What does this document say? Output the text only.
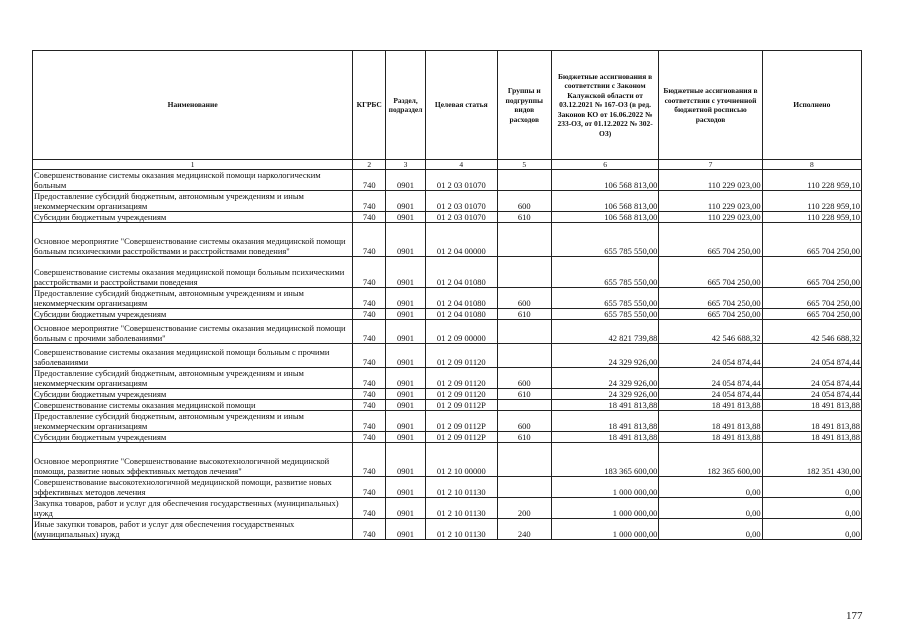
Наименование	КГРБС	Раздел, подраздел	Целевая статья	Группы и подгруппы видов расходов	Бюджетные ассигнования в соответствии с Законом Калужской области от 03.12.2021 № 167-ОЗ (в ред. Законов КО от 16.06.2022 № 233-ОЗ, от 01.12.2022 № 302-ОЗ)	Бюджетные ассигнования в соответствии с уточненной бюджетной росписью расходов	Исполнено
1	2	3	4	5	6	7	8
Совершенствование системы оказания медицинской помощи наркологическим больным	740	0901	01 2 03 01070		106 568 813,00	110 229 023,00	110 228 959,10
Предоставление субсидий бюджетным, автономным учреждениям и иным некоммерческим организациям	740	0901	01 2 03 01070	600	106 568 813,00	110 229 023,00	110 228 959,10
Субсидии бюджетным учреждениям	740	0901	01 2 03 01070	610	106 568 813,00	110 229 023,00	110 228 959,10
Основное мероприятие "Совершенствование системы оказания медицинской помощи больным психическими расстройствами и расстройствами поведения"	740	0901	01 2 04 00000		655 785 550,00	665 704 250,00	665 704 250,00
Совершенствование системы оказания медицинской помощи больным психическими расстройствами и расстройствами поведения	740	0901	01 2 04 01080		655 785 550,00	665 704 250,00	665 704 250,00
Предоставление субсидий бюджетным, автономным учреждениям и иным некоммерческим организациям	740	0901	01 2 04 01080	600	655 785 550,00	665 704 250,00	665 704 250,00
Субсидии бюджетным учреждениям	740	0901	01 2 04 01080	610	655 785 550,00	665 704 250,00	665 704 250,00
Основное мероприятие "Совершенствование системы оказания медицинской помощи больным с прочими заболеваниями"	740	0901	01 2 09 00000		42 821 739,88	42 546 688,32	42 546 688,32
Совершенствование системы оказания медицинской помощи больным с прочими заболеваниями	740	0901	01 2 09 01120		24 329 926,00	24 054 874,44	24 054 874,44
Предоставление субсидий бюджетным, автономным учреждениям и иным некоммерческим организациям	740	0901	01 2 09 01120	600	24 329 926,00	24 054 874,44	24 054 874,44
Субсидии бюджетным учреждениям	740	0901	01 2 09 01120	610	24 329 926,00	24 054 874,44	24 054 874,44
Совершенствование системы оказания медицинской помощи	740	0901	01 2 09 0112Р		18 491 813,88	18 491 813,88	18 491 813,88
Предоставление субсидий бюджетным, автономным учреждениям и иным некоммерческим организациям	740	0901	01 2 09 0112Р	600	18 491 813,88	18 491 813,88	18 491 813,88
Субсидии бюджетным учреждениям	740	0901	01 2 09 0112Р	610	18 491 813,88	18 491 813,88	18 491 813,88
Основное мероприятие "Совершенствование высокотехнологичной медицинской помощи, развитие новых эффективных методов лечения"	740	0901	01 2 10 00000		183 365 600,00	182 365 600,00	182 351 430,00
Совершенствование высокотехнологичной медицинской помощи, развитие новых эффективных методов лечения	740	0901	01 2 10 01130		1 000 000,00	0,00	0,00
Закупка товаров, работ и услуг для обеспечения государственных (муниципальных) нужд	740	0901	01 2 10 01130	200	1 000 000,00	0,00	0,00
Иные закупки товаров, работ и услуг для обеспечения государственных (муниципальных) нужд	740	0901	01 2 10 01130	240	1 000 000,00	0,00	0,00
177
